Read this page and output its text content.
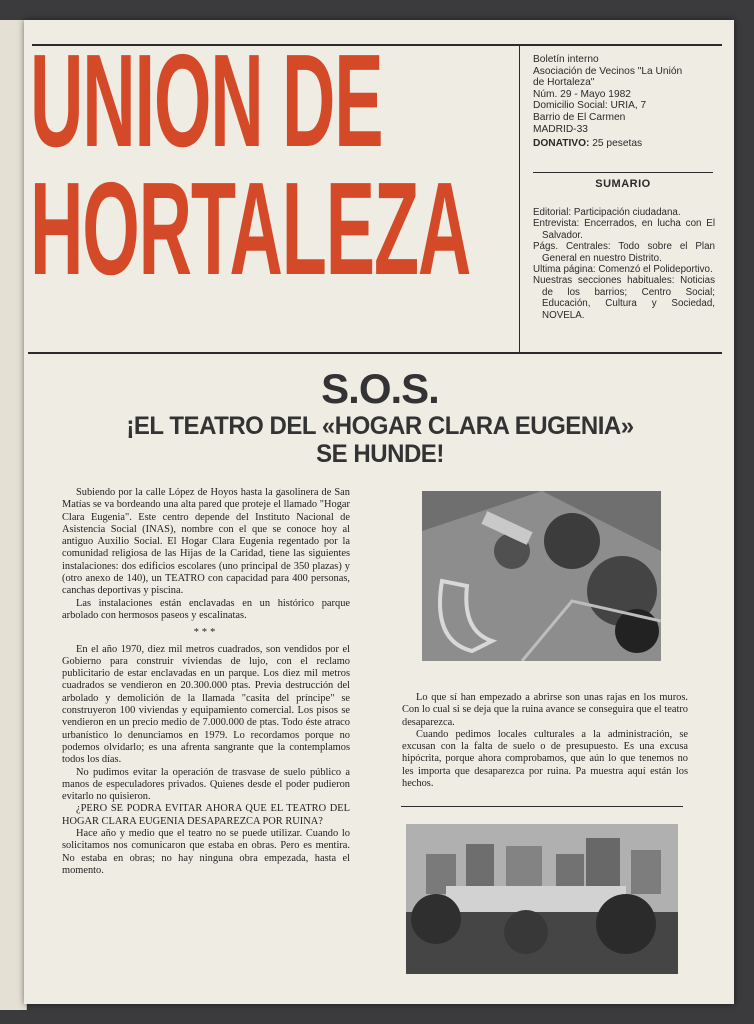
UNION DE
HORTALEZA
Boletín interno
Asociación de Vecinos "La Unión
de Hortaleza"
Núm. 29 - Mayo 1982
Domicilio Social: URIA, 7
Barrio de El Carmen
MADRID-33
DONATIVO: 25 pesetas
SUMARIO
Editorial: Participación ciudadana.
Entrevista: Encerrados, en lucha con El Salvador.
Págs. Centrales: Todo sobre el Plan General en nuestro Distrito.
Ultima página: Comenzó el Polideportivo.
Nuestras secciones habituales: Noticias de los barrios; Centro Social; Educación, Cultura y Sociedad, NOVELA.
S.O.S.
¡EL TEATRO DEL «HOGAR CLARA EUGENIA»
SE HUNDE!

Subiendo por la calle López de Hoyos hasta la gasolinera de San Matías se va bordeando una alta pared que proteje el llamado "Hogar Clara Eugenia". Este centro depende del Instituto Nacional de Asistencia Social (INAS), nombre con el que se conoce hoy al antiguo Auxilio Social. El Hogar Clara Eugenia regentado por la comunidad religiosa de las Hijas de la Caridad, tiene las siguientes instalaciones: dos edificios escolares (uno principal de 350 plazas) y (otro anexo de 140), un TEATRO con capacidad para 400 personas, canchas deportivas y piscina.

Las instalaciones están enclavadas en un histórico parque arbolado con hermosos paseos y escalinatas.

***

En el año 1970, diez mil metros cuadrados, son vendidos por el Gobierno para construir viviendas de lujo, con el reclamo publicitario de estar enclavadas en un parque. Los diez mil metros cuadrados se vendieron en 20.300.000 ptas. Previa destrucción del arbolado y demolición de la llamada "casita del príncipe" se construyeron 100 viviendas y equipamiento comercial. Los pisos se vendieron en un precio medio de 7.000.000 de ptas. Todo éste atraco urbanístico lo denunciamos en 1979. Lo recordamos porque no podemos olvidarlo; es una afrenta sangrante que la contemplamos todos los días.

No pudimos evitar la operación de trasvase de suelo público a manos de especuladores privados. Quienes desde el poder pudieron evitarlo no quisieron.

¿PERO SE PODRA EVITAR AHORA QUE EL TEATRO DEL HOGAR CLARA EUGENIA DESAPAREZCA POR RUINA?

Hace año y medio que el teatro no se puede utilizar. Cuando lo solicitamos nos comunicaron que estaba en obras. Pero es mentira. No estaba en obras; no hay ninguna obra empezada, hasta el momento.

Lo que sí han empezado a abrirse son unas rajas en los muros. Con lo cual si se deja que la ruina avance se conseguira que el teatro desaparezca.

Cuando pedimos locales culturales a la administración, se excusan con la falta de suelo o de presupuesto. Es una excusa hipócrita, porque ahora comprobamos, que aún lo que tenemos no les importa que desaparezca por ruina. Pa muestra aquí están los hechos.
